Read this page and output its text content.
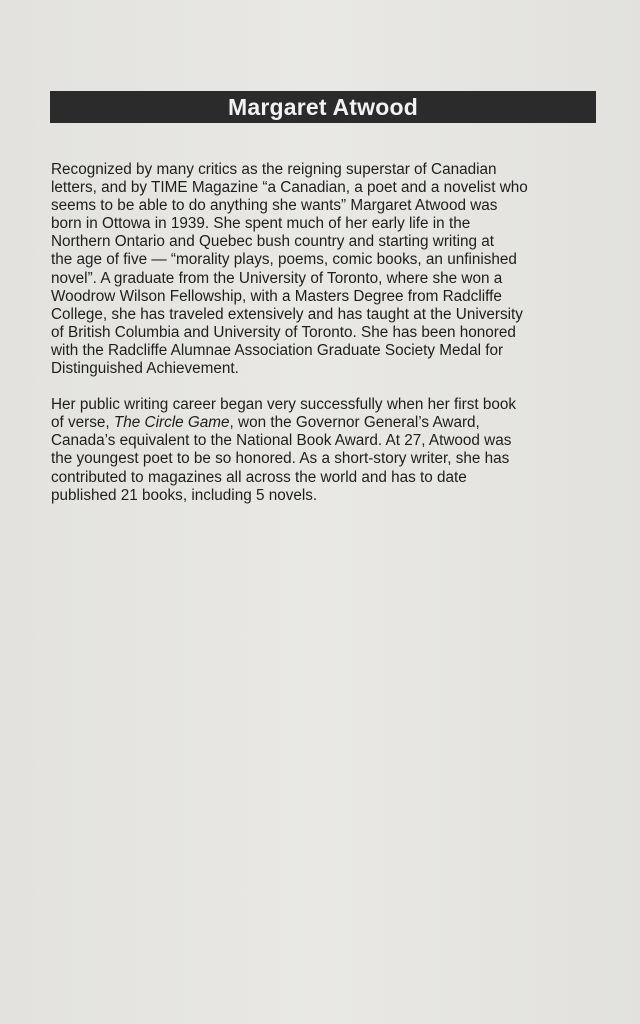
Margaret Atwood

Recognized by many critics as the reigning superstar of Canadian
letters, and by TIME Magazine “a Canadian, a poet and a novelist who
seems to be able to do anything she wants” Margaret Atwood was
born in Ottowa in 1939. She spent much of her early life in the
Northern Ontario and Quebec bush country and starting writing at
the age of five — “morality plays, poems, comic books, an unfinished
novel”. A graduate from the University of Toronto, where she won a
Woodrow Wilson Fellowship, with a Masters Degree from Radcliffe
College, she has traveled extensively and has taught at the University
of British Columbia and University of Toronto. She has been honored
with the Radcliffe Alumnae Association Graduate Society Medal for
Distinguished Achievement.

Her public writing career began very successfully when her first book
of verse, The Circle Game, won the Governor General’s Award,
Canada’s equivalent to the National Book Award. At 27, Atwood was
the youngest poet to be so honored. As a short-story writer, she has
contributed to magazines all across the world and has to date
published 21 books, including 5 novels.
